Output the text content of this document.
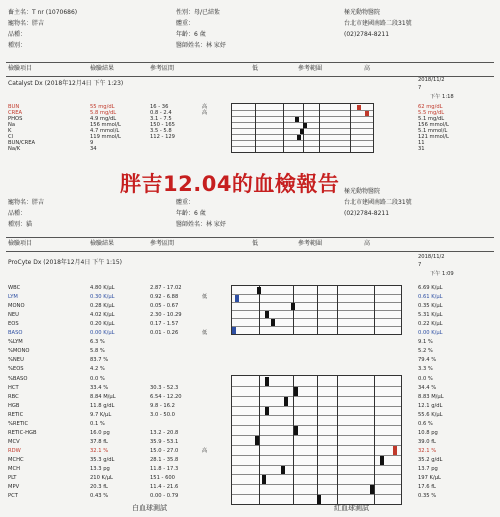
畜主名：T nr (1070686)
寵物名：胖吉
品種：
種別：
性別：母/已結紮
體重：
年齡：6 歲
醫師姓名：林 家妤
極光動物醫院
台北市建國南路二段31號
(02)2784-8211
檢驗項目	檢驗結果	參考區間	低	參考範圍	高
Catalyst Dx (2018年12月4日 下午 1:23)	2018/11/2
7
下午 1:18
BUN	55 mg/dL	16 - 36	高	62 mg/dL
CREA	5.8 mg/dL	0.8 - 2.4	高	5.5 mg/dL
PHOS	4.9 mg/dL	3.1 - 7.5	5.1 mg/dL
Na	156 mmol/L	150 - 165	156 mmol/L
K	4.7 mmol/L	3.5 - 5.8	5.1 mmol/L
Cl	119 mmol/L	112 - 129	121 mmol/L
BUN/CREA	9	11
Na/K	34	31
胖吉12.04的血檢報告
寵物名：胖吉
品種：
種別：貓
體重：
年齡：6 歲
醫師姓名：林 家妤
極光動物醫院
台北市建國南路二段31號
(02)2784-8211
檢驗項目	檢驗結果	參考區間	低	參考範圍	高
ProCyte Dx (2018年12月4日 下午 1:15)
2018/11/2
7
下午 1:09
WBC	4.80 K/μL	2.87 - 17.02	6.69 K/μL
LYM	0.30 K/μL	0.92 - 6.88	低	0.61 K/μL
MONO	0.28 K/μL	0.05 - 0.67	0.35 K/μL
NEU	4.02 K/μL	2.30 - 10.29	5.31 K/μL
EOS	0.20 K/μL	0.17 - 1.57	0.22 K/μL
BASO	0.00 K/μL	0.01 - 0.26	低	0.00 K/μL
%LYM	6.3 %	9.1 %
%MONO	5.8 %	5.2 %
%NEU	83.7 %	79.4 %
%EOS	4.2 %	3.3 %
%BASO	0.0 %	0.0 %
HCT	33.4 %	30.3 - 52.3	34.4 %
RBC	8.84 M/μL	6.54 - 12.20	8.83 M/μL
HGB	11.8 g/dL	9.8 - 16.2	12.1 g/dL
RETIC	9.7 K/μL	3.0 - 50.0	55.6 K/μL
%RETIC	0.1 %	0.6 %
RETIC-HGB	16.0 pg	13.2 - 20.8	10.8 pg
MCV	37.8 fL	35.9 - 53.1	39.0 fL
RDW	32.1 %	15.0 - 27.0	高	32.1 %
MCHC	35.3 g/dL	28.1 - 35.8	35.2 g/dL
MCH	13.3 pg	11.8 - 17.3	13.7 pg
PLT	210 K/μL	151 - 600	197 K/μL
MPV	20.3 fL	11.4 - 21.6	17.6 fL
PCT	0.43 %	0.00 - 0.79	0.35 %
白血球測試	紅血球測試
